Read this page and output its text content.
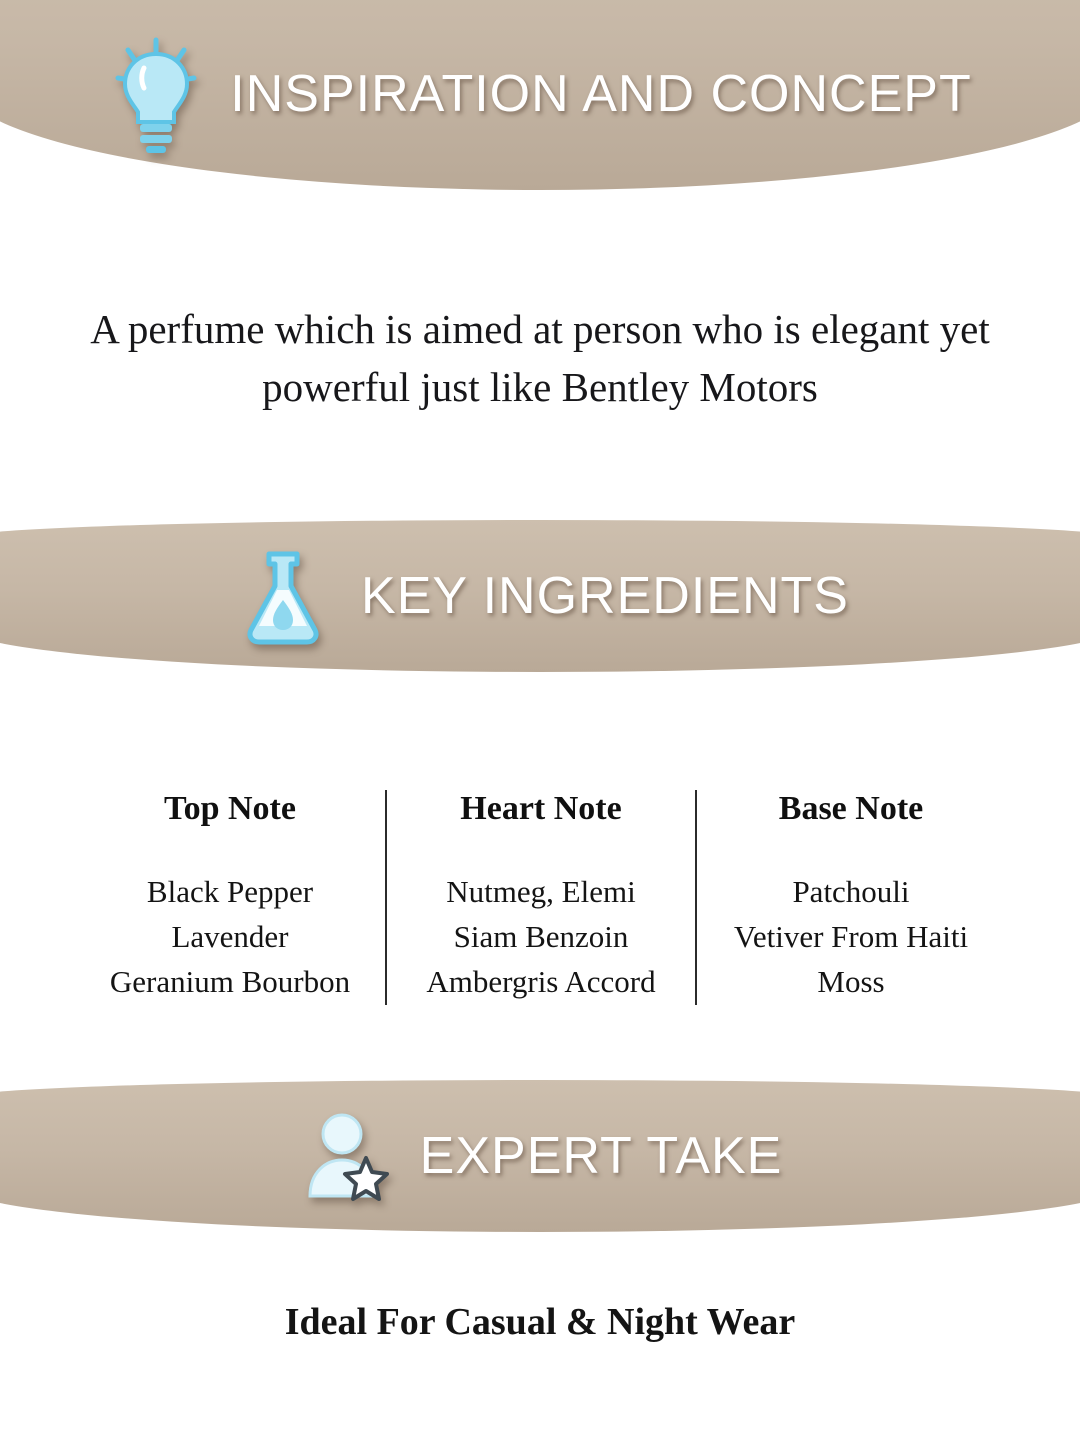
INSPIRATION AND CONCEPT

A perfume which is aimed at person who is elegant yet powerful just like Bentley Motors

KEY INGREDIENTS
Top Note
Black Pepper
Lavender
Geranium Bourbon
Heart Note
Nutmeg, Elemi
Siam Benzoin
Ambergris Accord
Base Note
Patchouli
Vetiver From Haiti
Moss
EXPERT TAKE

Ideal For Casual & Night Wear
